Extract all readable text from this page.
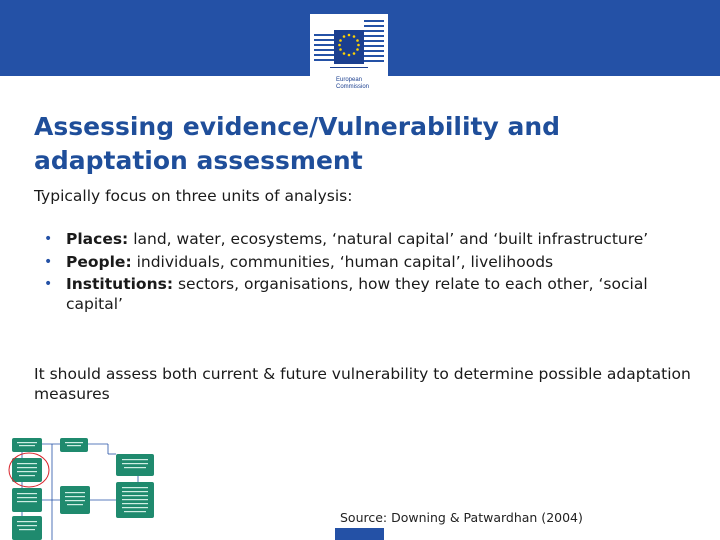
European
Commission
Assessing evidence/Vulnerability and adaptation assessment

Typically focus on three units of analysis:

• Places: land, water, ecosystems, ‘natural capital’ and ‘built infrastructure’
• People: individuals, communities, ‘human capital’, livelihoods
• Institutions: sectors, organisations, how they relate to each other, ‘social capital’

It should assess both current & future vulnerability to determine possible adaptation measures

Source: Downing & Patwardhan (2004)
